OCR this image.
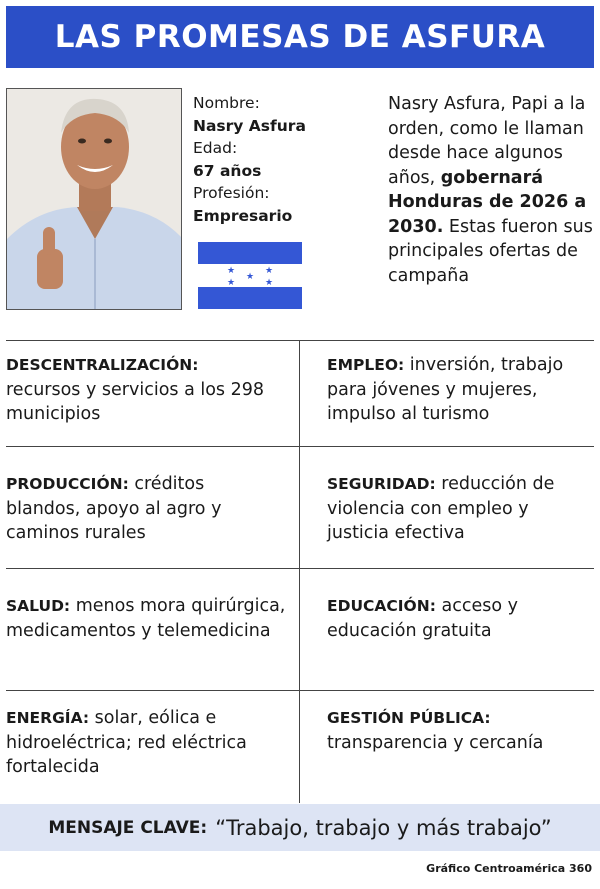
LAS PROMESAS DE ASFURA
Nombre:
Nasry Asfura
Edad:
67 años
Profesión:
Empresario
★	★
★
★	★
Nasry Asfura, Papi a la orden, como le llaman desde hace algunos años, gobernará Honduras de 2026 a 2030. Estas fueron sus principales ofertas de campaña
DESCENTRALIZACIÓN:
recursos y servicios a los 298 municipios
EMPLEO: inversión, trabajo para jóvenes y mujeres, impulso al turismo
PRODUCCIÓN: créditos blandos, apoyo al agro y caminos rurales
SEGURIDAD: reducción de violencia con empleo y justicia efectiva
SALUD: menos mora quirúrgica, medicamentos y telemedicina
EDUCACIÓN: acceso y educación gratuita
ENERGÍA: solar, eólica e hidroeléctrica; red eléctrica fortalecida
GESTIÓN PÚBLICA:
transparencia y cercanía
MENSAJE CLAVE: “Trabajo, trabajo y más trabajo”
Gráfico Centroamérica 360
